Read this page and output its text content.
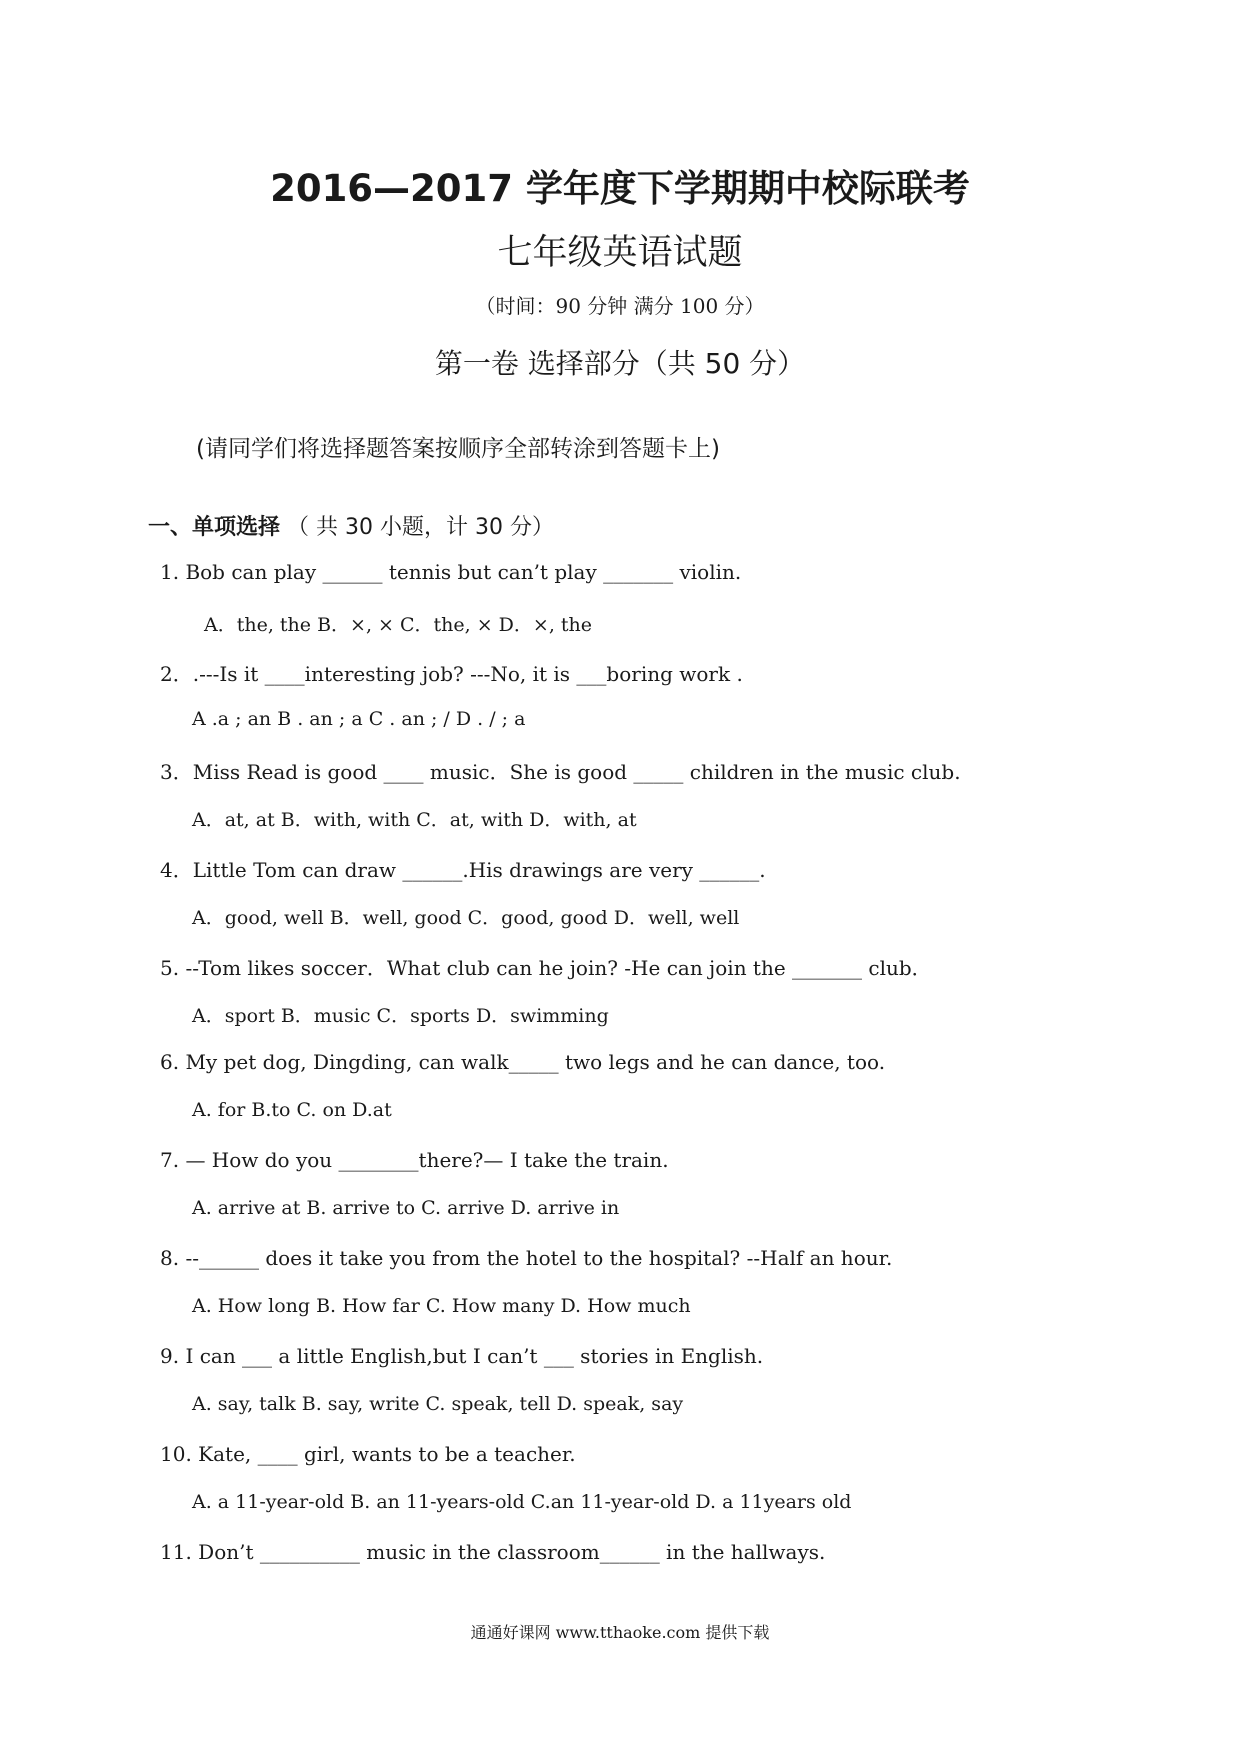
2016—2017 学年度下学期期中校际联考
七年级英语试题
（时间：90 分钟 满分 100 分）
第一卷 选择部分（共 50 分）
(请同学们将选择题答案按顺序全部转涂到答题卡上)
一、单项选择 （ 共 30 小题，计 30 分）
1. Bob can play ______ tennis but can’t play _______ violin.
A．the, the B．×, × C．the, × D．×, the
2．.---Is it ____interesting job? ---No, it is ___boring work .
A .a ; an B . an ; a C . an ; / D . / ; a
3．Miss Read is good ____ music．She is good _____ children in the music club.
A．at, at B．with, with C．at, with D．with, at
4．Little Tom can draw ______.His drawings are very ______.
A．good, well B．well, good C．good, good D．well, well
5. --Tom likes soccer．What club can he join? -He can join the _______ club．
A．sport B．music C．sports D．swimming
6. My pet dog, Dingding, can walk_____ two legs and he can dance, too.
A. for B.to C. on D.at
7. — How do you ________there?— I take the train.
A. arrive at B. arrive to C. arrive D. arrive in
8. --______ does it take you from the hotel to the hospital? --Half an hour.
A. How long B. How far C. How many D. How much
9. I can ___ a little English,but I can’t ___ stories in English.
A. say, talk B. say, write C. speak, tell D. speak, say
10. Kate, ____ girl, wants to be a teacher.
A. a 11-year-old B. an 11-years-old C.an 11-year-old D. a 11years old
11. Don’t __________ music in the classroom______ in the hallways.
通通好课网 www.tthaoke.com 提供下载
